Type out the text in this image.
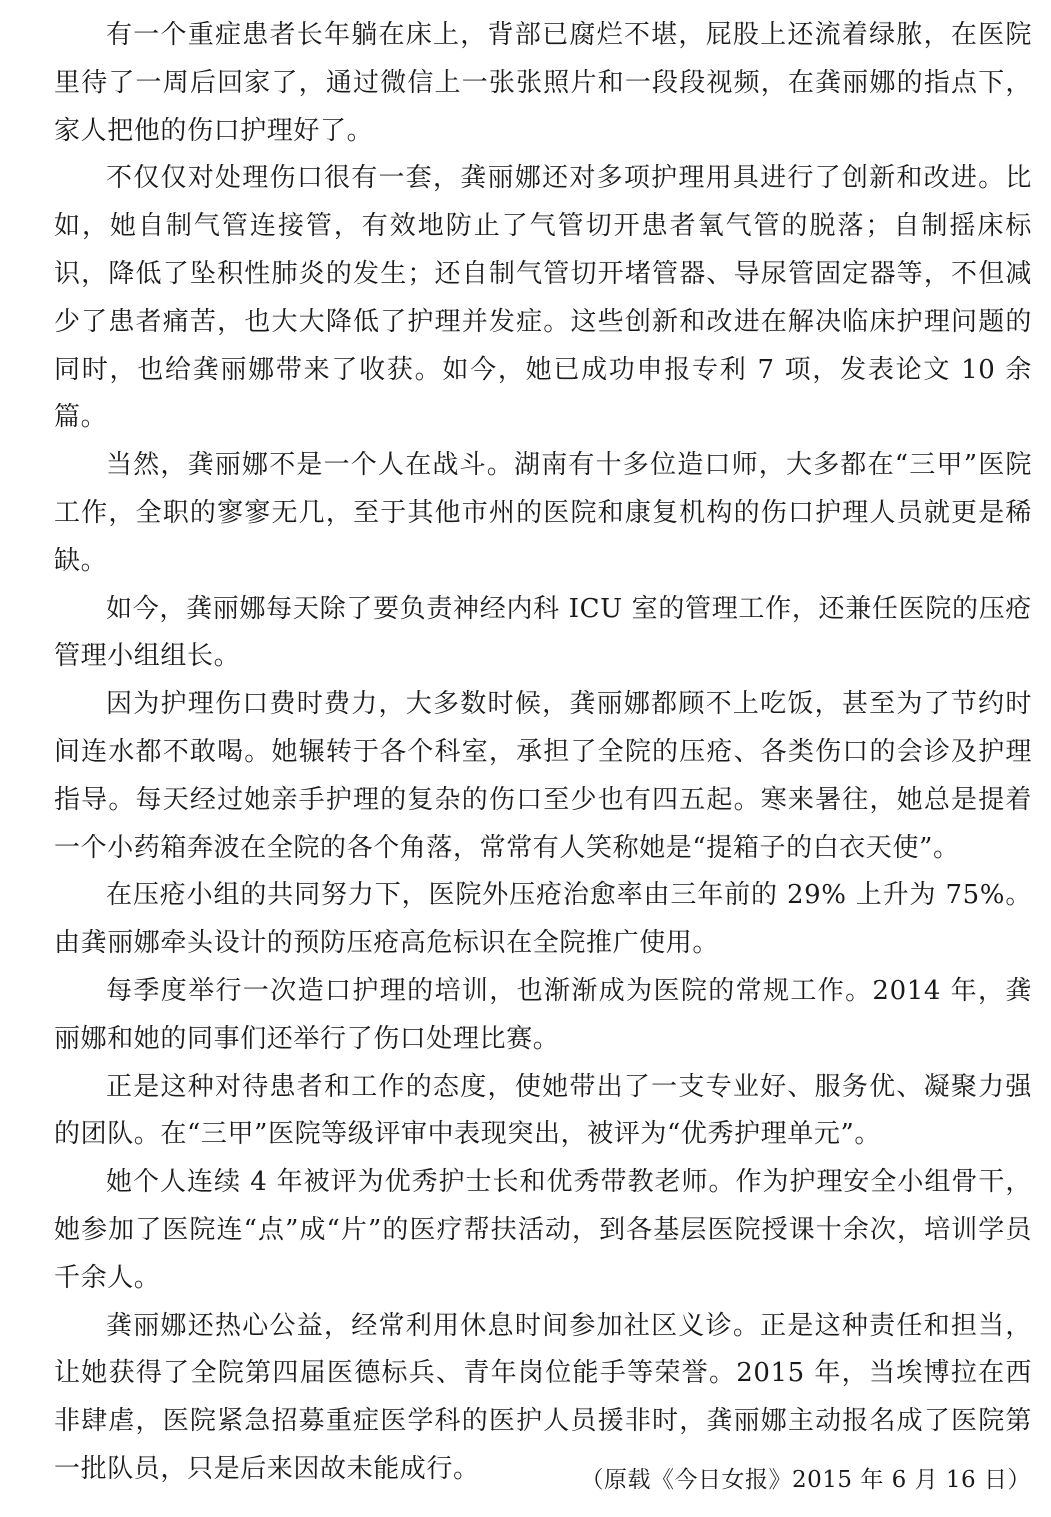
有一个重症患者长年躺在床上，背部已腐烂不堪，屁股上还流着绿脓，在医院里待了一周后回家了，通过微信上一张张照片和一段段视频，在龚丽娜的指点下，家人把他的伤口护理好了。

不仅仅对处理伤口很有一套，龚丽娜还对多项护理用具进行了创新和改进。比如，她自制气管连接管，有效地防止了气管切开患者氧气管的脱落；自制摇床标识，降低了坠积性肺炎的发生；还自制气管切开堵管器、导尿管固定器等，不但减少了患者痛苦，也大大降低了护理并发症。这些创新和改进在解决临床护理问题的同时，也给龚丽娜带来了收获。如今，她已成功申报专利 7 项，发表论文 10 余篇。

当然，龚丽娜不是一个人在战斗。湖南有十多位造口师，大多都在“三甲”医院工作，全职的寥寥无几，至于其他市州的医院和康复机构的伤口护理人员就更是稀缺。

如今，龚丽娜每天除了要负责神经内科 ICU 室的管理工作，还兼任医院的压疮管理小组组长。

因为护理伤口费时费力，大多数时候，龚丽娜都顾不上吃饭，甚至为了节约时间连水都不敢喝。她辗转于各个科室，承担了全院的压疮、各类伤口的会诊及护理指导。每天经过她亲手护理的复杂的伤口至少也有四五起。寒来暑往，她总是提着一个小药箱奔波在全院的各个角落，常常有人笑称她是“提箱子的白衣天使”。

在压疮小组的共同努力下，医院外压疮治愈率由三年前的 29% 上升为 75%。由龚丽娜牵头设计的预防压疮高危标识在全院推广使用。

每季度举行一次造口护理的培训，也渐渐成为医院的常规工作。2014 年，龚丽娜和她的同事们还举行了伤口处理比赛。

正是这种对待患者和工作的态度，使她带出了一支专业好、服务优、凝聚力强的团队。在“三甲”医院等级评审中表现突出，被评为“优秀护理单元”。

她个人连续 4 年被评为优秀护士长和优秀带教老师。作为护理安全小组骨干，她参加了医院连“点”成“片”的医疗帮扶活动，到各基层医院授课十余次，培训学员千余人。

龚丽娜还热心公益，经常利用休息时间参加社区义诊。正是这种责任和担当，让她获得了全院第四届医德标兵、青年岗位能手等荣誉。2015 年，当埃博拉在西非肆虐，医院紧急招募重症医学科的医护人员援非时，龚丽娜主动报名成了医院第一批队员，只是后来因故未能成行。	（原载《今日女报》2015 年 6 月 16 日）
